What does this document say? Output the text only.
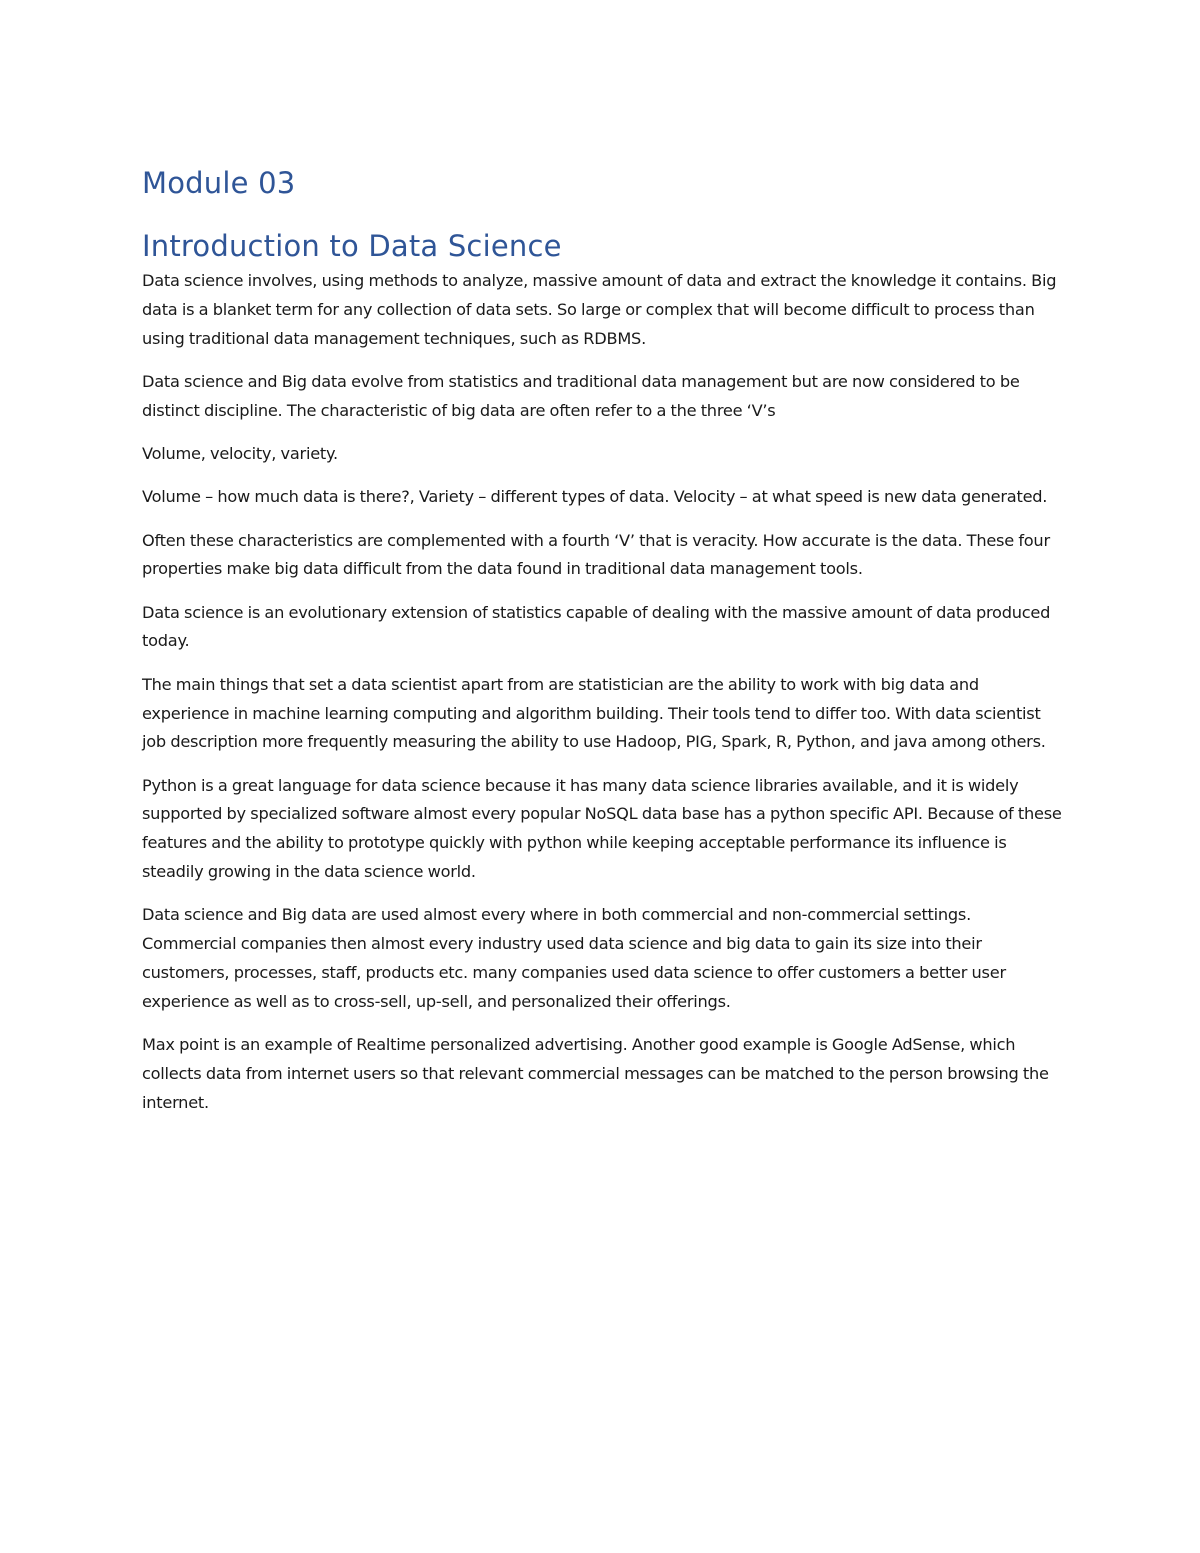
Module 03
Introduction to Data Science

Data science involves, using methods to analyze, massive amount of data and extract the knowledge it contains. Big data is a blanket term for any collection of data sets. So large or complex that will become difficult to process than using traditional data management techniques, such as RDBMS.

Data science and Big data evolve from statistics and traditional data management but are now considered to be distinct discipline. The characteristic of big data are often refer to a the three ‘V’s

Volume, velocity, variety.

Volume – how much data is there?, Variety – different types of data. Velocity – at what speed is new data generated.

Often these characteristics are complemented with a fourth ‘V’ that is veracity. How accurate is the data. These four properties make big data difficult from the data found in traditional data management tools.

Data science is an evolutionary extension of statistics capable of dealing with the massive amount of data produced today.

The main things that set a data scientist apart from are statistician are the ability to work with big data and experience in machine learning computing and algorithm building. Their tools tend to differ too. With data scientist job description more frequently measuring the ability to use Hadoop, PIG, Spark, R, Python, and java among others.

Python is a great language for data science because it has many data science libraries available, and it is widely supported by specialized software almost every popular NoSQL data base has a python specific API. Because of these features and the ability to prototype quickly with python while keeping acceptable performance its influence is steadily growing in the data science world.

Data science and Big data are used almost every where in both commercial and non-commercial settings. Commercial companies then almost every industry used data science and big data to gain its size into their customers, processes, staff, products etc. many companies used data science to offer customers a better user experience as well as to cross-sell, up-sell, and personalized their offerings.

Max point is an example of Realtime personalized advertising. Another good example is Google AdSense, which collects data from internet users so that relevant commercial messages can be matched to the person browsing the internet.
